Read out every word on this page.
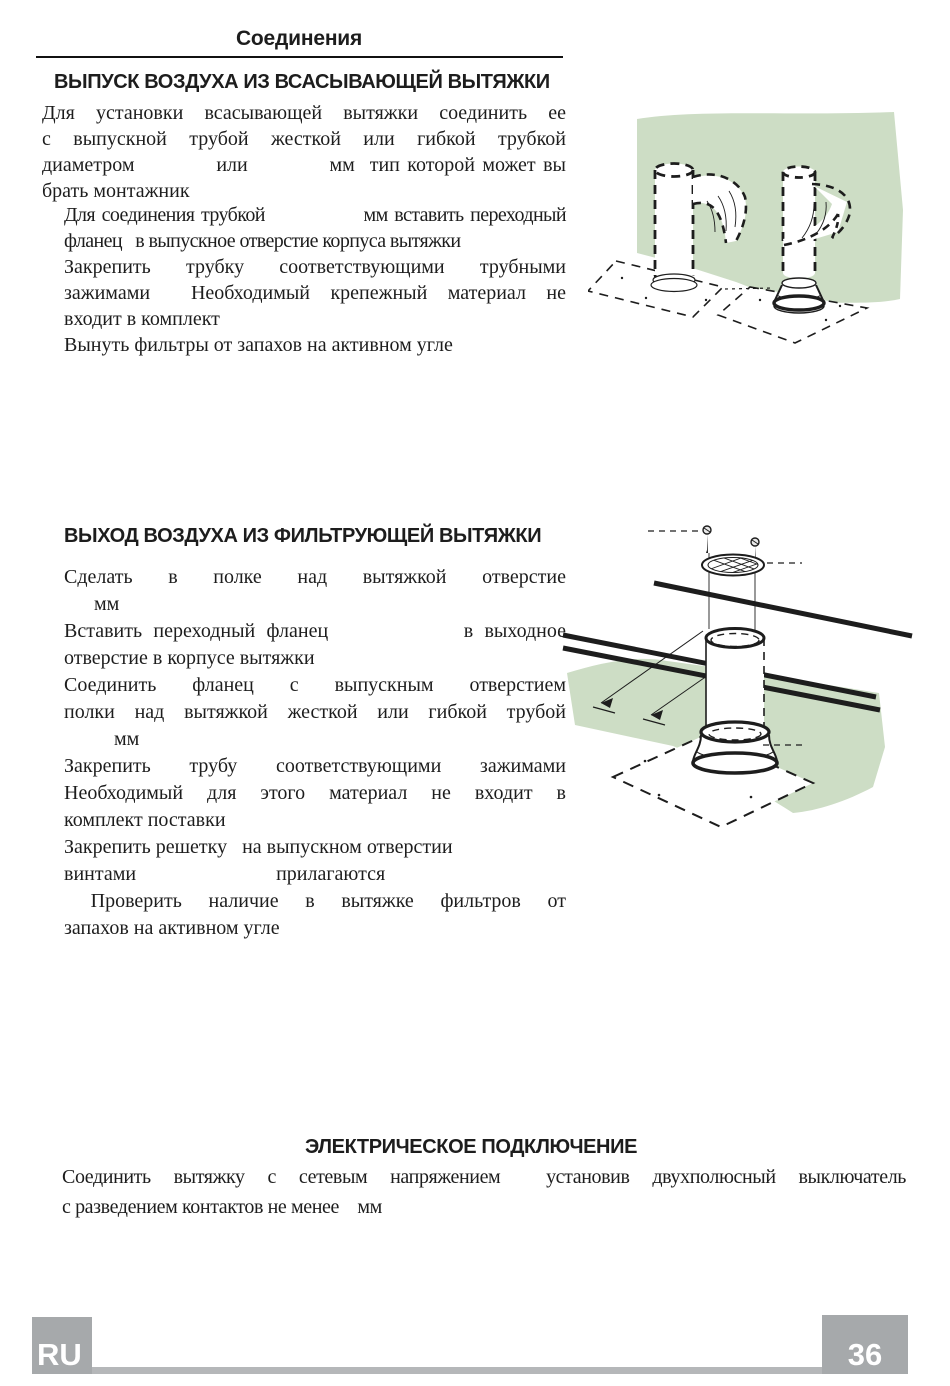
Соединения
ВЫПУСК ВОЗДУХА ИЗ ВСАСЫВАЮЩЕЙ ВЫТЯЖКИ
Для установки всасывающей вытяжки соединить ее
с выпускной трубой жесткой или гибкой трубкой
диаметром           или           мм  тип которой может вы
брать монтажник
Для соединения трубкой               мм вставить переходный
фланец   в выпускное отверстие корпуса вытяжки
Закрепить трубку соответствующими трубными
зажимами  Необходимый крепежный материал не
входит в комплект
Вынуть фильтры от запахов на активном угле
ВЫХОД ВОЗДУХА ИЗ ФИЛЬТРУЮЩЕЙ ВЫТЯЖКИ
Сделать в полке над вытяжкой отверстие
мм
Вставить переходный фланец            в выходное
отверстие в корпусе вытяжки
Соединить фланец с выпускным отверстием
полки над вытяжкой жесткой или гибкой трубой
мм
Закрепить трубу соответствующими зажимами
Необходимый для этого материал не входит в
комплект поставки
Закрепить решетку   на выпускном отверстии
винтами                            прилагаются
Проверить наличие в вытяжке фильтров от
запахов на активном угле
ЭЛЕКТРИЧЕСКОЕ ПОДКЛЮЧЕНИЕ
Соединить вытяжку с сетевым напряжением  установив двухполюсный выключатель
с разведением контактов не менее    мм
RU	36
